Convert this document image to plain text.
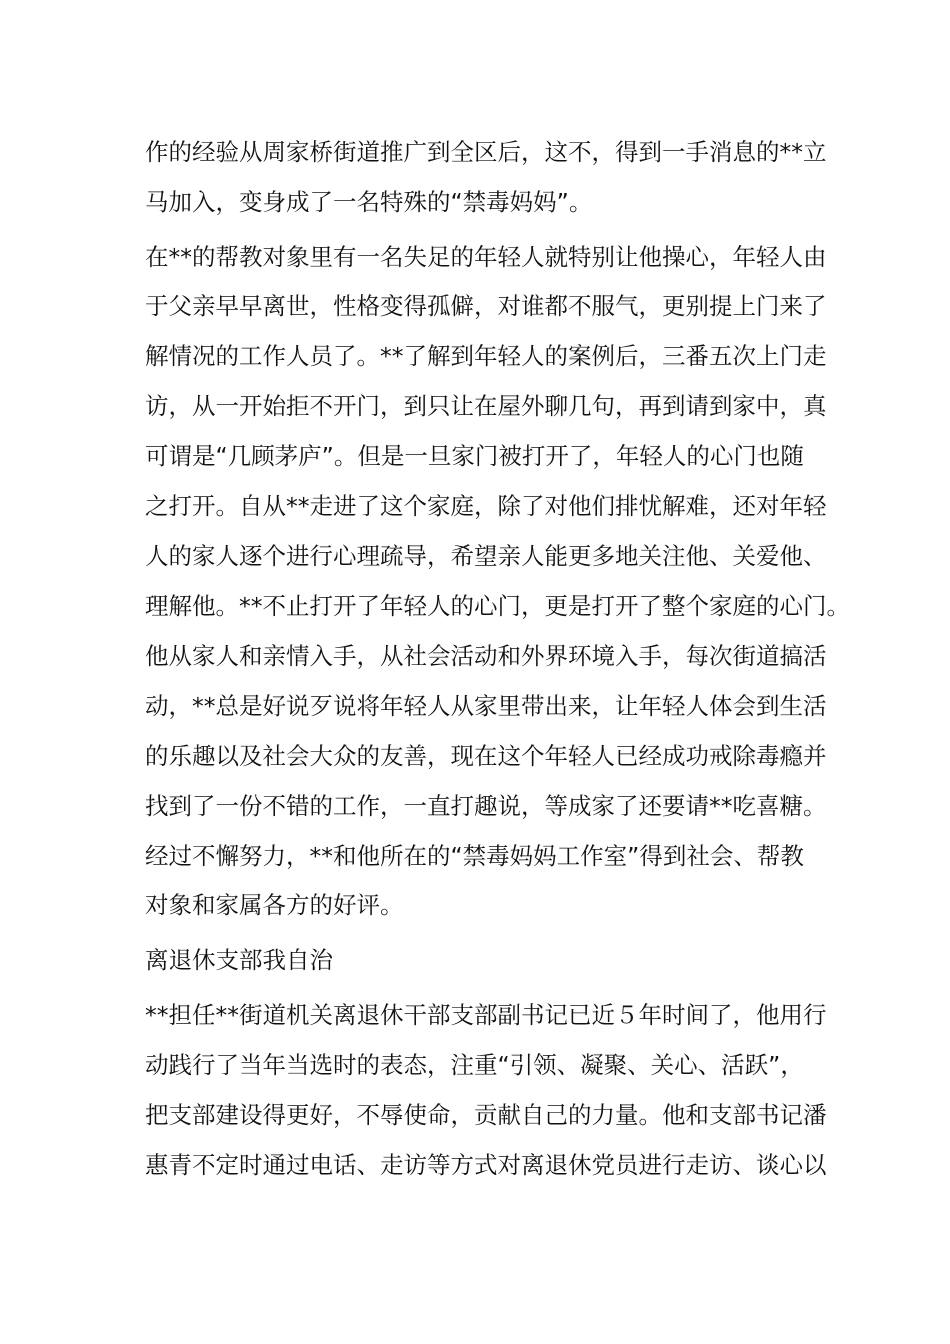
作的经验从周家桥街道推广到全区后，这不，得到一手消息的**立
马加入，变身成了一名特殊的“禁毒妈妈”。
在**的帮教对象里有一名失足的年轻人就特别让他操心，年轻人由
于父亲早早离世，性格变得孤僻，对谁都不服气，更别提上门来了
解情况的工作人员了。**了解到年轻人的案例后，三番五次上门走
访，从一开始拒不开门，到只让在屋外聊几句，再到请到家中，真
可谓是“几顾茅庐”。但是一旦家门被打开了，年轻人的心门也随
之打开。自从**走进了这个家庭，除了对他们排忧解难，还对年轻
人的家人逐个进行心理疏导，希望亲人能更多地关注他、关爱他、
理解他。**不止打开了年轻人的心门，更是打开了整个家庭的心门。
他从家人和亲情入手，从社会活动和外界环境入手，每次街道搞活
动，**总是好说歹说将年轻人从家里带出来，让年轻人体会到生活
的乐趣以及社会大众的友善，现在这个年轻人已经成功戒除毒瘾并
找到了一份不错的工作，一直打趣说，等成家了还要请**吃喜糖。
经过不懈努力，**和他所在的“禁毒妈妈工作室”得到社会、帮教
对象和家属各方的好评。
离退休支部我自治
**担任**街道机关离退休干部支部副书记已近５年时间了，他用行
动践行了当年当选时的表态，注重“引领、凝聚、关心、活跃”，
把支部建设得更好，不辱使命，贡献自己的力量。他和支部书记潘
惠青不定时通过电话、走访等方式对离退休党员进行走访、谈心以
